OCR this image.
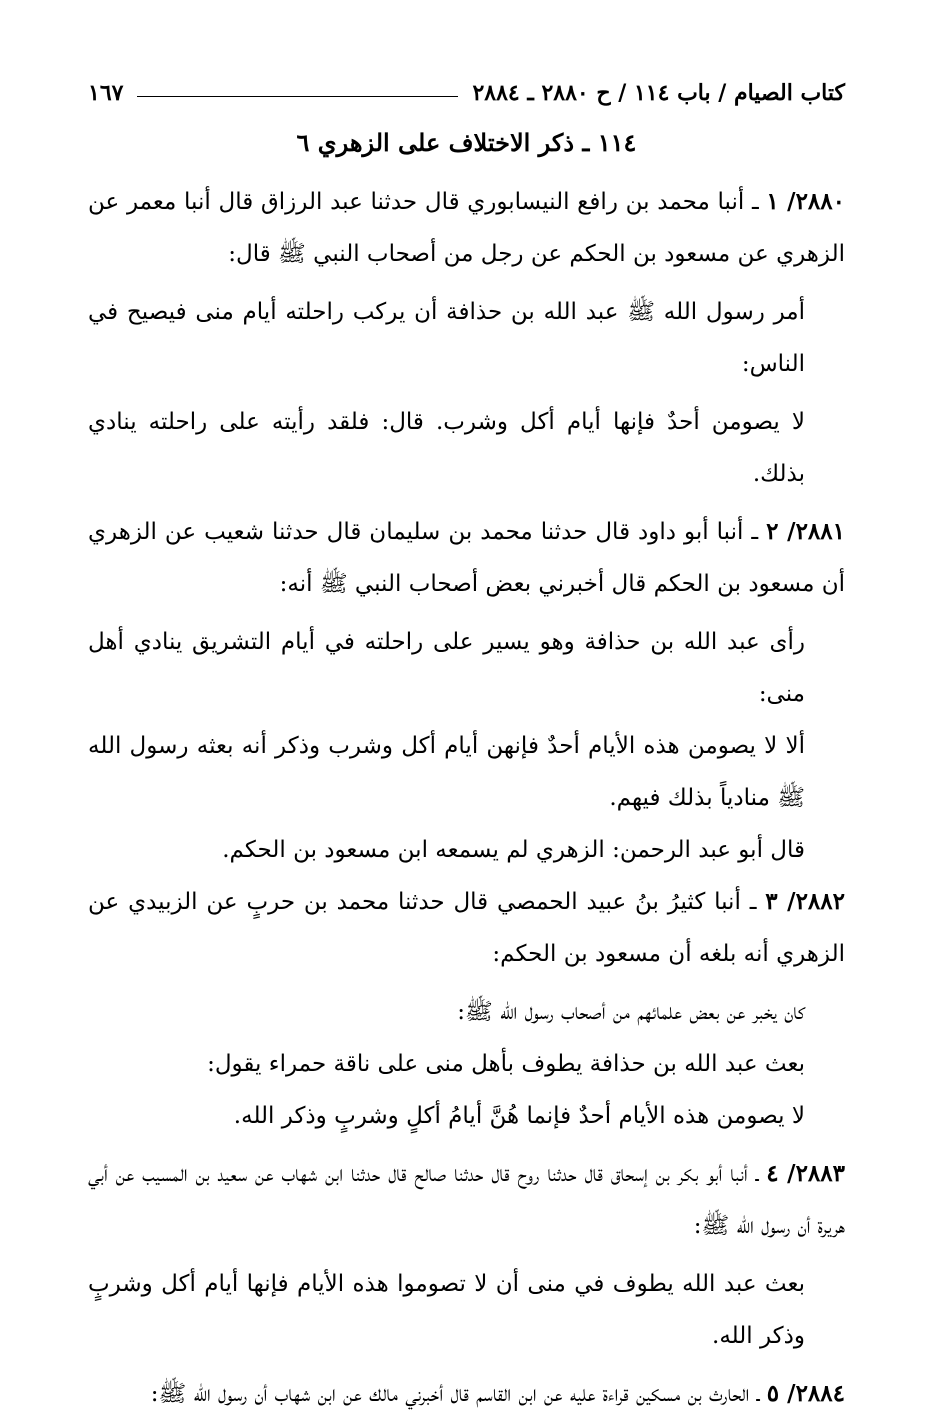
كتاب الصيام / باب ١١٤ / ح ٢٨٨٠ ـ ٢٨٨٤
١٦٧
١١٤ ـ ذكر الاختلاف على الزهري ٦
٢٨٨٠/ ١ ـ أنبا محمد بن رافع النيسابوري قال حدثنا عبد الرزاق قال أنبا معمر عن الزهري عن مسعود بن الحكم عن رجل من أصحاب النبي ﷺ قال:
أمر رسول الله ﷺ عبد الله بن حذافة أن يركب راحلته أيام منى فيصيح في الناس:
لا يصومن أحدٌ فإنها أيام أكل وشرب. قال: فلقد رأيته على راحلته ينادي بذلك.
٢٨٨١/ ٢ ـ أنبا أبو داود قال حدثنا محمد بن سليمان قال حدثنا شعيب عن الزهري أن مسعود بن الحكم قال أخبرني بعض أصحاب النبي ﷺ أنه:
رأى عبد الله بن حذافة وهو يسير على راحلته في أيام التشريق ينادي أهل منى:
ألا لا يصومن هذه الأيام أحدٌ فإنهن أيام أكل وشرب وذكر أنه بعثه رسول الله ﷺ منادياً بذلك فيهم.
قال أبو عبد الرحمن: الزهري لم يسمعه ابن مسعود بن الحكم.
٢٨٨٢/ ٣ ـ أنبا كثيرُ بنُ عبيد الحمصي قال حدثنا محمد بن حربٍ عن الزبيدي عن الزهري أنه بلغه أن مسعود بن الحكم:
كان يخبر عن بعض علمائهم من أصحاب رسول الله ﷺ:
بعث عبد الله بن حذافة يطوف بأهل منى على ناقة حمراء يقول:
لا يصومن هذه الأيام أحدٌ فإنما هُنَّ أيامُ أكلٍ وشربٍ وذكر الله.
٢٨٨٣/ ٤ ـ أنبا أبو بكر بن إسحاق قال حدثنا روح قال حدثنا صالح قال حدثنا ابن شهاب عن سعيد بن المسيب عن أبي هريرة أن رسول الله ﷺ:
بعث عبد الله يطوف في منى أن لا تصوموا هذه الأيام فإنها أيام أكل وشربٍ وذكر الله.
٢٨٨٤/ ٥ ـ الحارث بن مسكين قراءة عليه عن ابن القاسم قال أخبرني مالك عن ابن شهاب أن رسول الله ﷺ:
